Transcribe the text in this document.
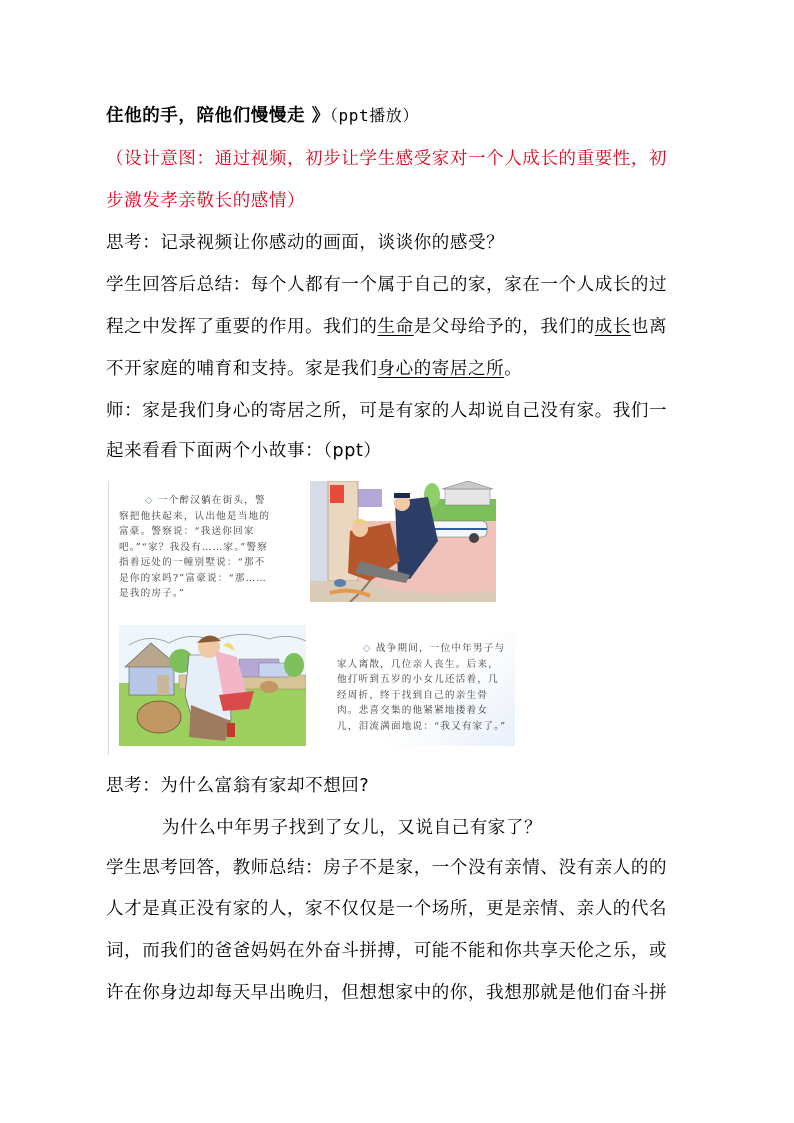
住他的手，陪他们慢慢走 》（ppt播放）
（设计意图：通过视频，初步让学生感受家对一个人成长的重要性，初
步激发孝亲敬长的感情）
思考：记录视频让你感动的画面，谈谈你的感受？
学生回答后总结：每个人都有一个属于自己的家，家在一个人成长的过
程之中发挥了重要的作用。我们的生命是父母给予的，我们的成长也离
不开家庭的哺育和支持。家是我们身心的寄居之所。
师：家是我们身心的寄居之所，可是有家的人却说自己没有家。我们一
起来看看下面两个小故事：（ppt）
◇ 一个醉汉躺在街头，警察把他扶起来，认出他是当地的富豪。警察说：“我送你回家吧。”“家？我没有……家。”警察指着远处的一幢别墅说：“那不是你的家吗?”富豪说：“那……是我的房子。”
◇ 战争期间，一位中年男子与家人离散，几位亲人丧生。后来，他打听到五岁的小女儿还活着，几经周折，终于找到自己的亲生骨肉。悲喜交集的他紧紧地搂着女儿，泪流满面地说：“我又有家了。”
思考：为什么富翁有家却不想回?
为什么中年男子找到了女儿，又说自己有家了？
学生思考回答，教师总结：房子不是家，一个没有亲情、没有亲人的的
人才是真正没有家的人，家不仅仅是一个场所，更是亲情、亲人的代名
词，而我们的爸爸妈妈在外奋斗拼搏，可能不能和你共享天伦之乐，或
许在你身边却每天早出晚归，但想想家中的你，我想那就是他们奋斗拼
